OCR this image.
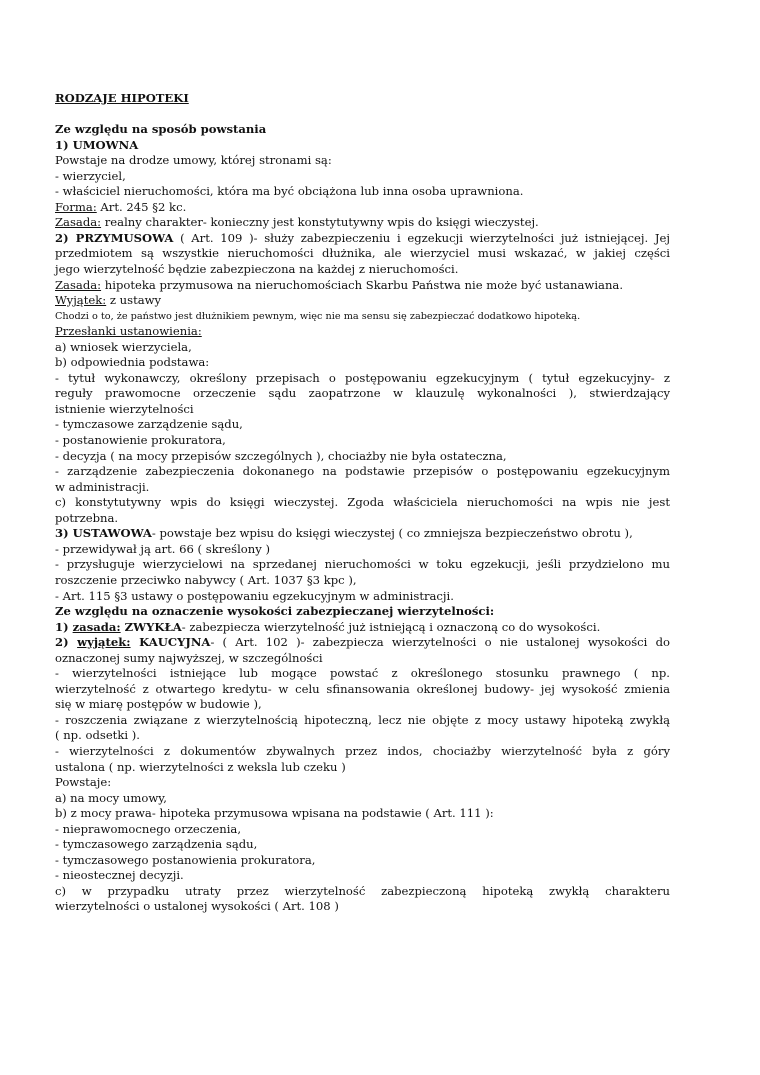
RODZAJE HIPOTEKI
Ze względu na sposób powstania
1) UMOWNA
Powstaje na drodze umowy, której stronami są:
- wierzyciel,
- właściciel nieruchomości, która ma być obciążona lub inna osoba uprawniona.
Forma: Art. 245 §2 kc.
Zasada: realny charakter- konieczny jest konstytutywny wpis do księgi wieczystej.
2) PRZYMUSOWA ( Art. 109 )- służy zabezpieczeniu i egzekucji wierzytelności już istniejącej. Jej
przedmiotem są wszystkie nieruchomości dłużnika, ale wierzyciel musi wskazać, w jakiej części
jego wierzytelność będzie zabezpieczona na każdej z nieruchomości.
Zasada: hipoteka przymusowa na nieruchomościach Skarbu Państwa nie może być ustanawiana.
Wyjątek: z ustawy
Chodzi o to, że państwo jest dłużnikiem pewnym, więc nie ma sensu się zabezpieczać dodatkowo hipoteką.
Przesłanki ustanowienia:
a) wniosek wierzyciela,
b) odpowiednia podstawa:
- tytuł wykonawczy, określony przepisach o postępowaniu egzekucyjnym ( tytuł egzekucyjny- z
reguły prawomocne orzeczenie sądu zaopatrzone w klauzulę wykonalności ), stwierdzający
istnienie wierzytelności
- tymczasowe zarządzenie sądu,
- postanowienie prokuratora,
- decyzja ( na mocy przepisów szczególnych ), chociażby nie była ostateczna,
- zarządzenie zabezpieczenia dokonanego na podstawie przepisów o postępowaniu egzekucyjnym
w administracji.
c) konstytutywny wpis do księgi wieczystej. Zgoda właściciela nieruchomości na wpis nie jest
potrzebna.
3) USTAWOWA- powstaje bez wpisu do księgi wieczystej ( co zmniejsza bezpieczeństwo obrotu ),
- przewidywał ją art. 66 ( skreślony )
- przysługuje wierzycielowi na sprzedanej nieruchomości w toku egzekucji, jeśli przydzielono mu
roszczenie przeciwko nabywcy ( Art. 1037 §3 kpc ),
- Art. 115 §3 ustawy o postępowaniu egzekucyjnym w administracji.
Ze względu na oznaczenie wysokości zabezpieczanej wierzytelności:
1) zasada: ZWYKŁA- zabezpiecza wierzytelność już istniejącą i oznaczoną co do wysokości.
2) wyjątek: KAUCYJNA- ( Art. 102 )- zabezpiecza wierzytelności o nie ustalonej wysokości do
oznaczonej sumy najwyższej, w szczególności
- wierzytelności istniejące lub mogące powstać z określonego stosunku prawnego ( np.
wierzytelność z otwartego kredytu- w celu sfinansowania określonej budowy- jej wysokość zmienia
się w miarę postępów w budowie ),
- roszczenia związane z wierzytelnością hipoteczną, lecz nie objęte z mocy ustawy hipoteką zwykłą
( np. odsetki ).
- wierzytelności z dokumentów zbywalnych przez indos, chociażby wierzytelność była z góry
ustalona ( np. wierzytelności z weksla lub czeku )
Powstaje:
a) na mocy umowy,
b) z mocy prawa- hipoteka przymusowa wpisana na podstawie ( Art. 111 ):
- nieprawomocnego orzeczenia,
- tymczasowego zarządzenia sądu,
- tymczasowego postanowienia prokuratora,
- nieostecznej decyzji.
c) w przypadku utraty przez wierzytelność zabezpieczoną hipoteką zwykłą charakteru
wierzytelności o ustalonej wysokości ( Art. 108 )
